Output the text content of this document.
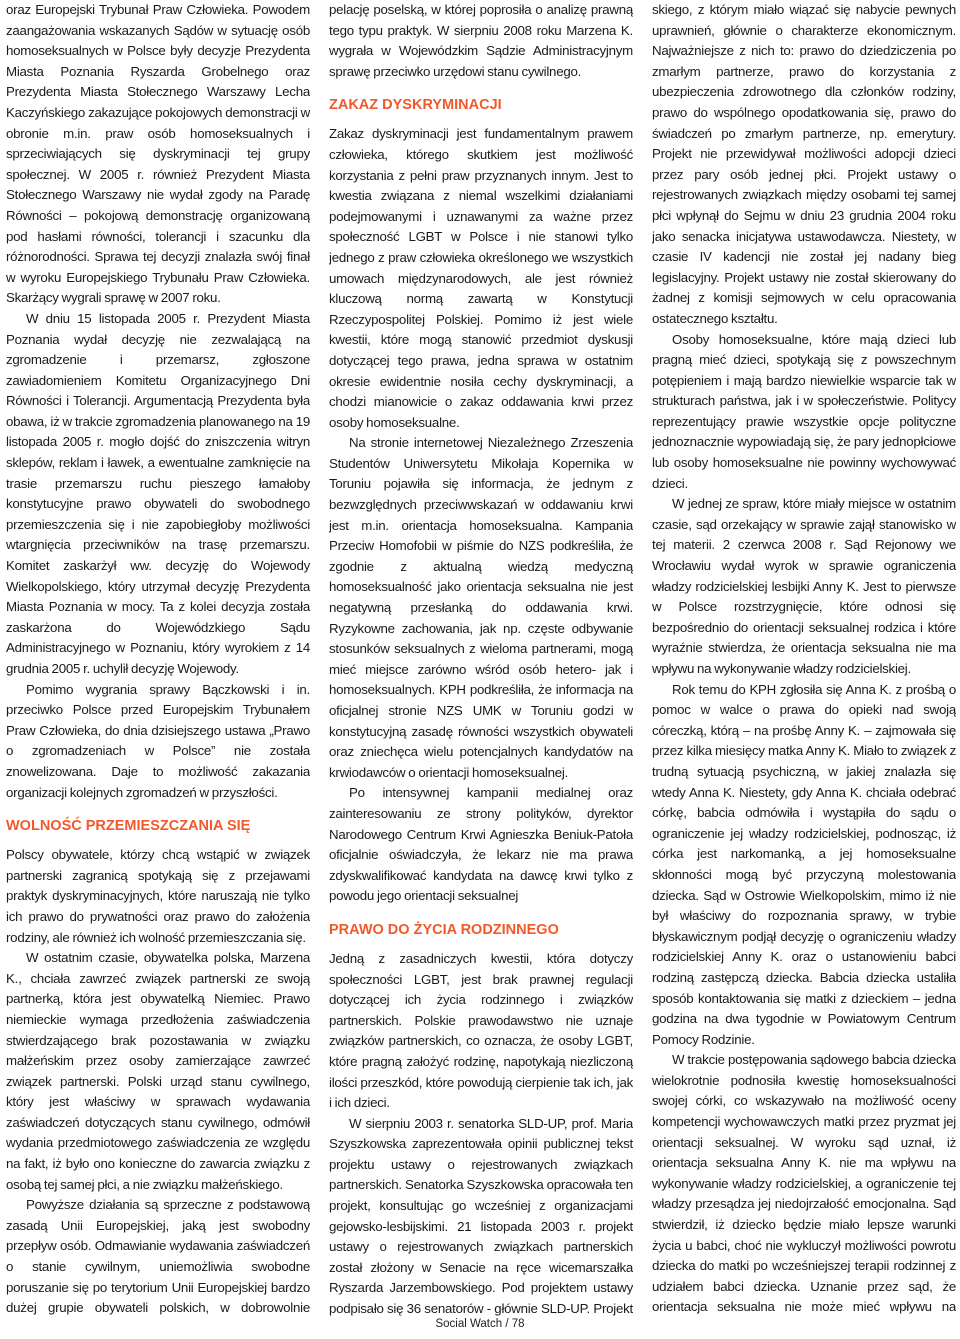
oraz Europejski Trybunał Praw Człowieka. Powodem zaangażowania wskazanych Sądów w sytuację osób homoseksualnych w Polsce były decyzje Prezydenta Miasta Poznania Ryszarda Grobelnego oraz Prezydenta Miasta Stołecznego Warszawy Lecha Kaczyńskiego zakazujące pokojowych demonstracji w obronie m.in. praw osób homoseksualnych i sprzeciwiających się dyskryminacji tej grupy społecznej. W 2005 r. również Prezydent Miasta Stołecznego Warszawy nie wydał zgody na Paradę Równości – pokojową demonstrację organizowaną pod hasłami równości, tolerancji i szacunku dla różnorodności. Sprawa tej decyzji znalazła swój finał w wyroku Europejskiego Trybunału Praw Człowieka. Skarżący wygrali sprawę w 2007 roku.

W dniu 15 listopada 2005 r. Prezydent Miasta Poznania wydał decyzję nie zezwalającą na zgromadzenie i przemarsz, zgłoszone zawiadomieniem Komitetu Organizacyjnego Dni Równości i Tolerancji. Argumentacją Prezydenta była obawa, iż w trakcie zgromadzenia planowanego na 19 listopada 2005 r. mogło dojść do zniszczenia witryn sklepów, reklam i ławek, a ewentualne zamknięcie na trasie przemarszu ruchu pieszego łamałoby konstytucyjne prawo obywateli do swobodnego przemieszczenia się i nie zapobiegłoby możliwości wtargnięcia przeciwników na trasę przemarszu. Komitet zaskarżył ww. decyzję do Wojewody Wielkopolskiego, który utrzymał decyzję Prezydenta Miasta Poznania w mocy. Ta z kolei decyzja została zaskarżona do Wojewódzkiego Sądu Administracyjnego w Poznaniu, który wyrokiem z 14 grudnia 2005 r. uchylił decyzję Wojewody.

Pomimo wygrania sprawy Bączkowski i in. przeciwko Polsce przed Europejskim Trybunałem Praw Człowieka, do dnia dzisiejszego ustawa „Prawo o zgromadzeniach w Polsce” nie została znowelizowana. Daje to możliwość zakazania organizacji kolejnych zgromadzeń w przyszłości.

WOLNOŚĆ PRZEMIESZCZANIA SIĘ

Polscy obywatele, którzy chcą wstąpić w związek partnerski zagranicą spotykają się z przejawami praktyk dyskryminacyjnych, które naruszają nie tylko ich prawo do prywatności oraz prawo do założenia rodziny, ale również ich wolność przemieszczania się.

W ostatnim czasie, obywatelka polska, Marzena K., chciała zawrzeć związek partnerski ze swoją partnerką, która jest obywatelką Niemiec. Prawo niemieckie wymaga przedłożenia zaświadczenia stwierdzającego brak pozostawania w związku małżeńskim przez osoby zamierzające zawrzeć związek partnerski. Polski urząd stanu cywilnego, który jest właściwy w sprawach wydawania zaświadczeń dotyczących stanu cywilnego, odmówił wydania przedmiotowego zaświadczenia ze względu na fakt, iż było ono konieczne do zawarcia związku z osobą tej samej płci, a nie związku małżeńskiego.

Powyższe działania są sprzeczne z podstawową zasadą Unii Europejskiej, jaką jest swobodny przepływ osób. Odmawianie wydawania zaświadczeń o stanie cywilnym, uniemożliwia swobodne poruszanie się po terytorium Unii Europejskiej bardzo dużej grupie obywateli polskich, w dobrowolnie

pelację poselską, w której poprosiła o analizę prawną tego typu praktyk. W sierpniu 2008 roku Marzena K. wygrała w Wojewódzkim Sądzie Administracyjnym sprawę przeciwko urzędowi stanu cywilnego.

ZAKAZ DYSKRYMINACJI

Zakaz dyskryminacji jest fundamentalnym prawem człowieka, którego skutkiem jest możliwość korzystania z pełni praw przyznanych innym. Jest to kwestia związana z niemal wszelkimi działaniami podejmowanymi i uznawanymi za ważne przez społeczność LGBT w Polsce i nie stanowi tylko jednego z praw człowieka określonego we wszystkich umowach międzynarodowych, ale jest również kluczową normą zawartą w Konstytucji Rzeczypospolitej Polskiej. Pomimo iż jest wiele kwestii, które mogą stanowić przedmiot dyskusji dotyczącej tego prawa, jedna sprawa w ostatnim okresie ewidentnie nosiła cechy dyskryminacji, a chodzi mianowicie o zakaz oddawania krwi przez osoby homoseksualne.

Na stronie internetowej Niezależnego Zrzeszenia Studentów Uniwersytetu Mikołaja Kopernika w Toruniu pojawiła się informacja, że jednym z bezwzględnych przeciwwskazań w oddawaniu krwi jest m.in. orientacja homoseksualna. Kampania Przeciw Homofobii w piśmie do NZS podkreśliła, że zgodnie z aktualną wiedzą medyczną homoseksualność jako orientacja seksualna nie jest negatywną przesłanką do oddawania krwi. Ryzykowne zachowania, jak np. częste odbywanie stosunków seksualnych z wieloma partnerami, mogą mieć miejsce zarówno wśród osób hetero- jak i homoseksualnych. KPH podkreśliła, że informacja na oficjalnej stronie NZS UMK w Toruniu godzi w konstytucyjną zasadę równości wszystkich obywateli oraz zniechęca wielu potencjalnych kandydatów na krwiodawców o orientacji homoseksualnej.

Po intensywnej kampanii medialnej oraz zainteresowaniu ze strony polityków, dyrektor Narodowego Centrum Krwi Agnieszka Beniuk-Patoła oficjalnie oświadczyła, że lekarz nie ma prawa zdyskwalifikować kandydata na dawcę krwi tylko z powodu jego orientacji seksualnej

PRAWO DO ŻYCIA RODZINNEGO

Jedną z zasadniczych kwestii, która dotyczy społeczności LGBT, jest brak prawnej regulacji dotyczącej ich życia rodzinnego i związków partnerskich. Polskie prawodawstwo nie uznaje związków partnerskich, co oznacza, że osoby LGBT, które pragną założyć rodzinę, napotykają niezliczoną ilości przeszkód, które powodują cierpienie tak ich, jak i ich dzieci.

W sierpniu 2003 r. senatorka SLD-UP, prof. Maria Szyszkowska zaprezentowała opinii publicznej tekst projektu ustawy o rejestrowanych związkach partnerskich. Senatorka Szyszkowska opracowała ten projekt, konsultując go wcześniej z organizacjami gejowsko-lesbijskimi. 21 listopada 2003 r. projekt ustawy o rejestrowanych związkach partnerskich został złożony w Senacie na ręce wicemarszałka Ryszarda Jarzembowskiego. Pod projektem ustawy podpisało się 36 senatorów - głównie SLD-UP. Projekt

skiego, z którym miało wiązać się nabycie pewnych uprawnień, głównie o charakterze ekonomicznym. Najważniejsze z nich to: prawo do dziedziczenia po zmarłym partnerze, prawo do korzystania z ubezpieczenia zdrowotnego dla członków rodziny, prawo do wspólnego opodatkowania się, prawo do świadczeń po zmarłym partnerze, np. emerytury. Projekt nie przewidywał możliwości adopcji dzieci przez pary osób jednej płci. Projekt ustawy o rejestrowanych związkach między osobami tej samej płci wpłynął do Sejmu w dniu 23 grudnia 2004 roku jako senacka inicjatywa ustawodawcza. Niestety, w czasie IV kadencji nie został jej nadany bieg legislacyjny. Projekt ustawy nie został skierowany do żadnej z komisji sejmowych w celu opracowania ostatecznego kształtu.

Osoby homoseksualne, które mają dzieci lub pragną mieć dzieci, spotykają się z powszechnym potępieniem i mają bardzo niewielkie wsparcie tak w strukturach państwa, jak i w społeczeństwie. Politycy reprezentujący prawie wszystkie opcje polityczne jednoznacznie wypowiadają się, że pary jednopłciowe lub osoby homoseksualne nie powinny wychowywać dzieci.

W jednej ze spraw, które miały miejsce w ostatnim czasie, sąd orzekający w sprawie zajął stanowisko w tej materii. 2 czerwca 2008 r. Sąd Rejonowy we Wrocławiu wydał wyrok w sprawie ograniczenia władzy rodzicielskiej lesbijki Anny K. Jest to pierwsze w Polsce rozstrzygnięcie, które odnosi się bezpośrednio do orientacji seksualnej rodzica i które wyraźnie stwierdza, że orientacja seksualna nie ma wpływu na wykonywanie władzy rodzicielskiej.

Rok temu do KPH zgłosiła się Anna K. z prośbą o pomoc w walce o prawa do opieki nad swoją córeczką, którą – na prośbę Anny K. – zajmowała się przez kilka miesięcy matka Anny K. Miało to związek z trudną sytuacją psychiczną, w jakiej znalazła się wtedy Anna K. Niestety, gdy Anna K. chciała odebrać córkę, babcia odmówiła i wystąpiła do sądu o ograniczenie jej władzy rodzicielskiej, podnosząc, iż córka jest narkomanką, a jej homoseksualne skłonności mogą być przyczyną molestowania dziecka. Sąd w Ostrowie Wielkopolskim, mimo iż nie był właściwy do rozpoznania sprawy, w trybie błyskawicznym podjął decyzję o ograniczeniu władzy rodzicielskiej Anny K. oraz o ustanowieniu babci rodziną zastępczą dziecka. Babcia dziecka ustaliła sposób kontaktowania się matki z dzieckiem – jedna godzina na dwa tygodnie w Powiatowym Centrum Pomocy Rodzinie.

W trakcie postępowania sądowego babcia dziecka wielokrotnie podnosiła kwestię homoseksualności swojej córki, co wskazywało na możliwość oceny kompetencji wychowawczych matki przez pryzmat jej orientacji seksualnej. W wyroku sąd uznał, iż orientacja seksualna Anny K. nie ma wpływu na wykonywanie władzy rodzicielskiej, a ograniczenie tej władzy przesądza jej niedojrzałość emocjonalna. Sąd stwierdził, iż dziecko będzie miało lepsze warunki życia u babci, choć nie wykluczył możliwości powrotu dziecka do matki po wcześniejszej terapii rodzinnej z udziałem babci dziecka. Uznanie przez sąd, że orientacja seksualna nie może mieć wpływu na

Social Watch / 78
